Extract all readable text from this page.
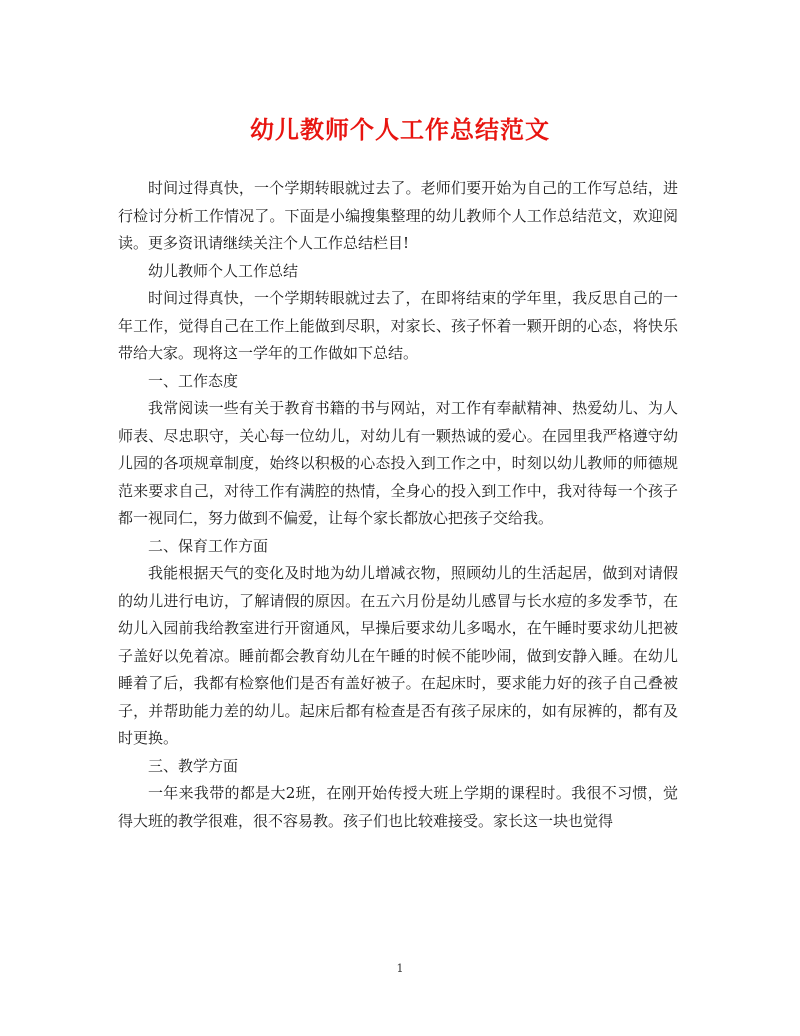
幼儿教师个人工作总结范文

时间过得真快，一个学期转眼就过去了。老师们要开始为自己的工作写总结，进行检讨分析工作情况了。下面是小编搜集整理的幼儿教师个人工作总结范文，欢迎阅读。更多资讯请继续关注个人工作总结栏目!

幼儿教师个人工作总结

时间过得真快，一个学期转眼就过去了，在即将结束的学年里，我反思自己的一年工作，觉得自己在工作上能做到尽职，对家长、孩子怀着一颗开朗的心态，将快乐带给大家。现将这一学年的工作做如下总结。

一、工作态度

我常阅读一些有关于教育书籍的书与网站，对工作有奉献精神、热爱幼儿、为人师表、尽忠职守，关心每一位幼儿，对幼儿有一颗热诚的爱心。在园里我严格遵守幼儿园的各项规章制度，始终以积极的心态投入到工作之中，时刻以幼儿教师的师德规范来要求自己，对待工作有满腔的热情，全身心的投入到工作中，我对待每一个孩子都一视同仁，努力做到不偏爱，让每个家长都放心把孩子交给我。

二、保育工作方面

我能根据天气的变化及时地为幼儿增减衣物，照顾幼儿的生活起居，做到对请假的幼儿进行电访，了解请假的原因。在五六月份是幼儿感冒与长水痘的多发季节，在幼儿入园前我给教室进行开窗通风，早操后要求幼儿多喝水，在午睡时要求幼儿把被子盖好以免着凉。睡前都会教育幼儿在午睡的时候不能吵闹，做到安静入睡。在幼儿睡着了后，我都有检察他们是否有盖好被子。在起床时，要求能力好的孩子自己叠被子，并帮助能力差的幼儿。起床后都有检查是否有孩子尿床的，如有尿裤的，都有及时更换。

三、教学方面

一年来我带的都是大2班，在刚开始传授大班上学期的课程时。我很不习惯，觉得大班的教学很难，很不容易教。孩子们也比较难接受。家长这一块也觉得

1
